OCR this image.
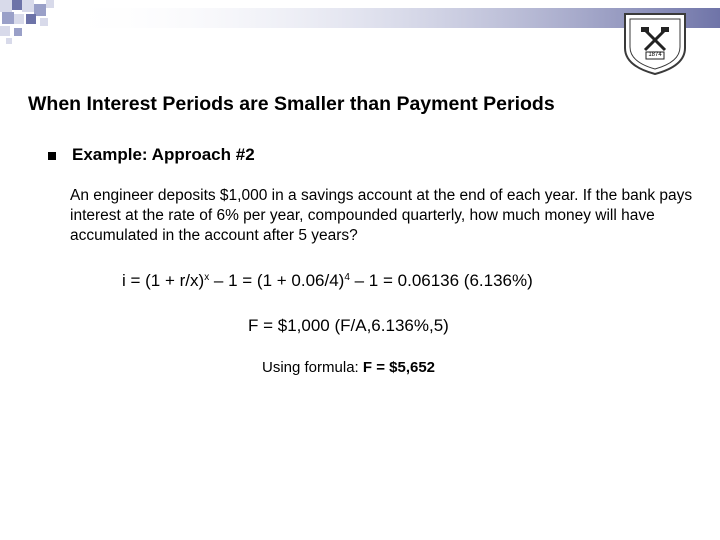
1874
When Interest Periods are Smaller than Payment Periods
Example: Approach #2
An engineer deposits $1,000 in a savings account at the end of each year. If the bank pays interest at the rate of 6% per year, compounded quarterly, how much money will have accumulated in the account after 5 years?
$i = (1 + r/x)^x - 1 = (1 + 0.06/4)^4 - 1 = 0.06136$ (6.136%)
F = $1,000 (F/A,6.136%,5)
Using formula: F = $5,652
